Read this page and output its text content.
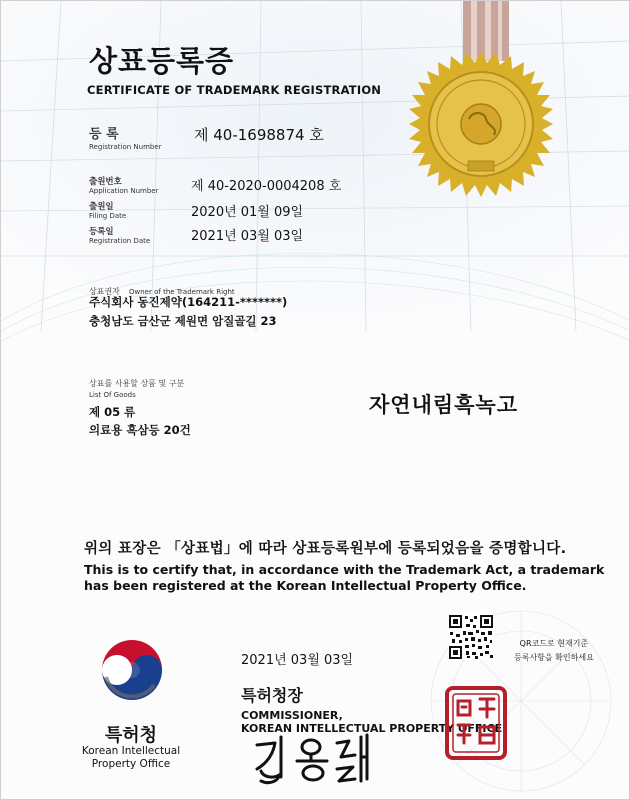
상표등록증
CERTIFICATE OF TRADEMARK REGISTRATION
등 록
Registration Number
제 40-1698874 호
출원번호
Application Number	제 40-2020-0004208 호
출원일
Filing Date	2020년 01월 09일
등록일
Registration Date	2021년 03월 03일
상표권자 Owner of the Trademark Right
주식회사 동진제약(164211-*******)
충청남도 금산군 제원면 암질골길 23
상표를 사용할 상품 및 구분
List Of Goods
제 05 류
의료용 흑삼등 20건
자연내림흑녹고
위의 표장은 「상표법」에 따라 상표등록원부에 등록되었음을 증명합니다.
This is to certify that, in accordance with the Trademark Act, a trademark
has been registered at the Korean Intellectual Property Office.
QR코드로 현재기준
등록사항을 확인하세요
2021년 03월 03일
특허청장
COMMISSIONER,
KOREAN INTELLECTUAL PROPERTY OFFICE
특허청
Korean Intellectual
Property Office
